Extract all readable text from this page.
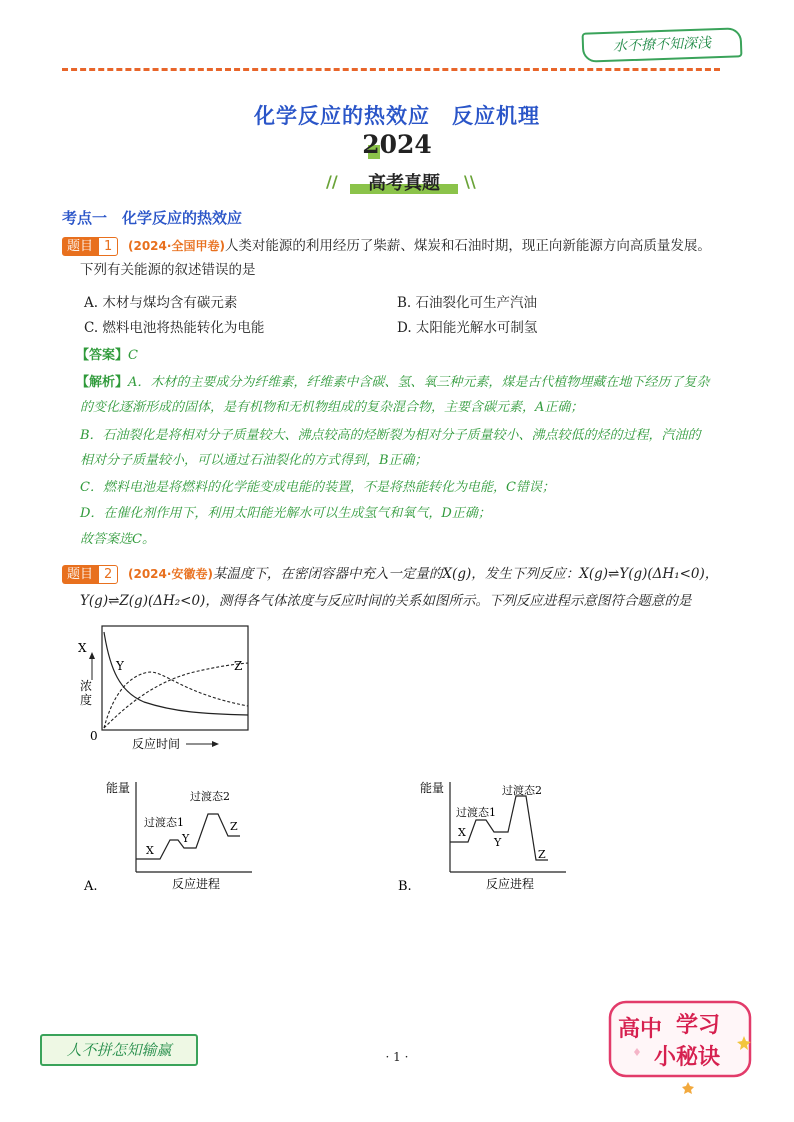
水不撩不知深浅
化学反应的热效应　反应机理
2024
//	高考真题	\\
考点一　化学反应的热效应
题目 1	(2024·全国甲卷)人类对能源的利用经历了柴薪、煤炭和石油时期，现正向新能源方向高质量发展。
下列有关能源的叙述错误的是
A. 木材与煤均含有碳元素	B. 石油裂化可生产汽油
C. 燃料电池将热能转化为电能	D. 太阳能光解水可制氢
【答案】C
【解析】A．木材的主要成分为纤维素，纤维素中含碳、氢、氧三种元素，煤是古代植物埋藏在地下经历了复杂
的变化逐渐形成的固体，是有机物和无机物组成的复杂混合物，主要含碳元素，A正确；
B．石油裂化是将相对分子质量较大、沸点较高的烃断裂为相对分子质量较小、沸点较低的烃的过程，汽油的
相对分子质量较小，可以通过石油裂化的方式得到，B正确；
C．燃料电池是将燃料的化学能变成电能的装置，不是将热能转化为电能，C错误；
D．在催化剂作用下，利用太阳能光解水可以生成氢气和氧气，D正确；
故答案选C。
题目 2	(2024·安徽卷)某温度下，在密闭容器中充入一定量的X(g)，发生下列反应：X(g)⇌Y(g)(ΔH₁<0)，
Y(g)⇌Z(g)(ΔH₂<0)，测得各气体浓度与反应时间的关系如图所示。下列反应进程示意图符合题意的是
浓度
X
Y	Z
0
反应时间
能量
反应进程
过渡态1
过渡态2
X
Y
Z
A.
能量
反应进程
过渡态1
过渡态2
X
Y
Z
B.
人不拼怎知输赢	· 1 ·
高中 学习
小秘诀
